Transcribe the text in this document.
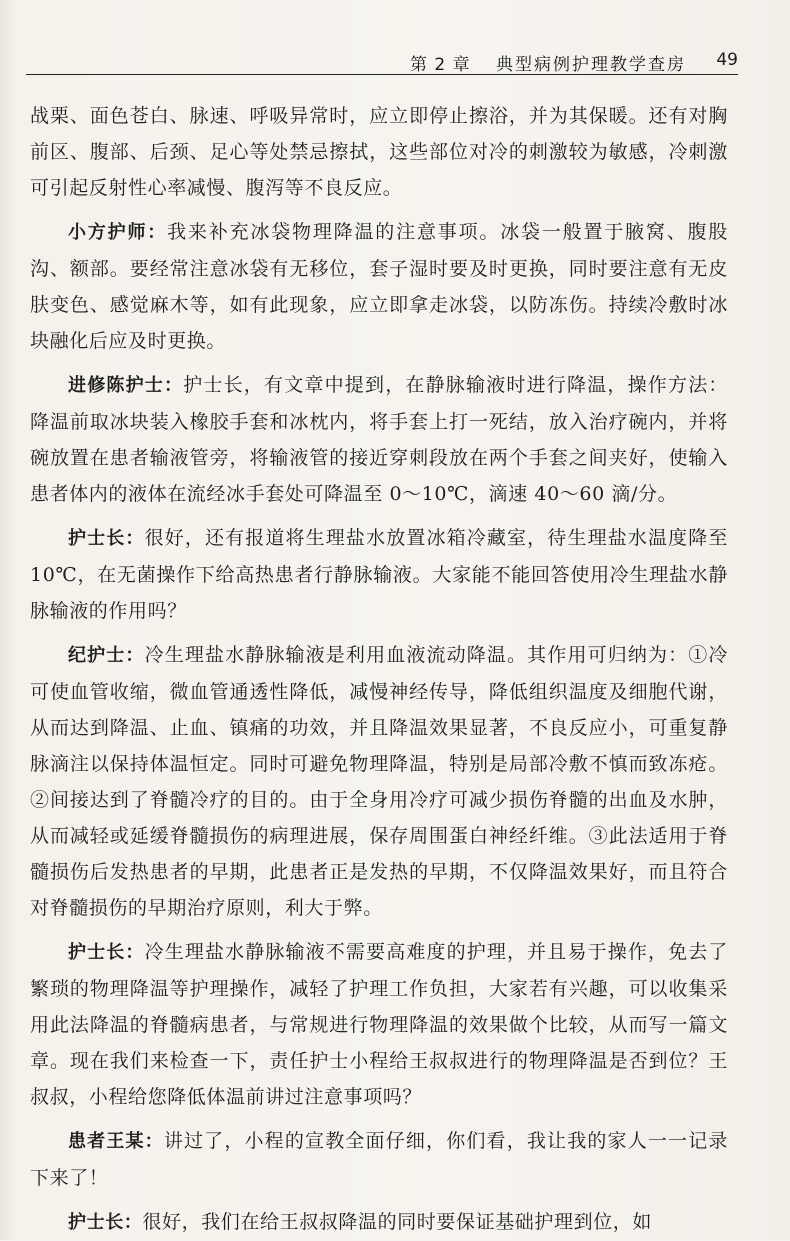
第 2 章 典型病例护理教学查房 49

战栗、面色苍白、脉速、呼吸异常时，应立即停止擦浴，并为其保暖。还有对胸前区、腹部、后颈、足心等处禁忌擦拭，这些部位对冷的刺激较为敏感，冷刺激可引起反射性心率减慢、腹泻等不良反应。

小方护师：我来补充冰袋物理降温的注意事项。冰袋一般置于腋窝、腹股沟、额部。要经常注意冰袋有无移位，套子湿时要及时更换，同时要注意有无皮肤变色、感觉麻木等，如有此现象，应立即拿走冰袋，以防冻伤。持续冷敷时冰块融化后应及时更换。

进修陈护士：护士长，有文章中提到，在静脉输液时进行降温，操作方法：降温前取冰块装入橡胶手套和冰枕内，将手套上打一死结，放入治疗碗内，并将碗放置在患者输液管旁，将输液管的接近穿刺段放在两个手套之间夹好，使输入患者体内的液体在流经冰手套处可降温至 0～10℃，滴速 40～60 滴/分。

护士长：很好，还有报道将生理盐水放置冰箱冷藏室，待生理盐水温度降至 10℃，在无菌操作下给高热患者行静脉输液。大家能不能回答使用冷生理盐水静脉输液的作用吗？

纪护士：冷生理盐水静脉输液是利用血液流动降温。其作用可归纳为：①冷可使血管收缩，微血管通透性降低，减慢神经传导，降低组织温度及细胞代谢，从而达到降温、止血、镇痛的功效，并且降温效果显著，不良反应小，可重复静脉滴注以保持体温恒定。同时可避免物理降温，特别是局部冷敷不慎而致冻疮。②间接达到了脊髓冷疗的目的。由于全身用冷疗可减少损伤脊髓的出血及水肿，从而减轻或延缓脊髓损伤的病理进展，保存周围蛋白神经纤维。③此法适用于脊髓损伤后发热患者的早期，此患者正是发热的早期，不仅降温效果好，而且符合对脊髓损伤的早期治疗原则，利大于弊。

护士长：冷生理盐水静脉输液不需要高难度的护理，并且易于操作，免去了繁琐的物理降温等护理操作，减轻了护理工作负担，大家若有兴趣，可以收集采用此法降温的脊髓病患者，与常规进行物理降温的效果做个比较，从而写一篇文章。现在我们来检查一下，责任护士小程给王叔叔进行的物理降温是否到位？王叔叔，小程给您降低体温前讲过注意事项吗？

患者王某：讲过了，小程的宣教全面仔细，你们看，我让我的家人一一记录下来了！

护士长：很好，我们在给王叔叔降温的同时要保证基础护理到位，如
